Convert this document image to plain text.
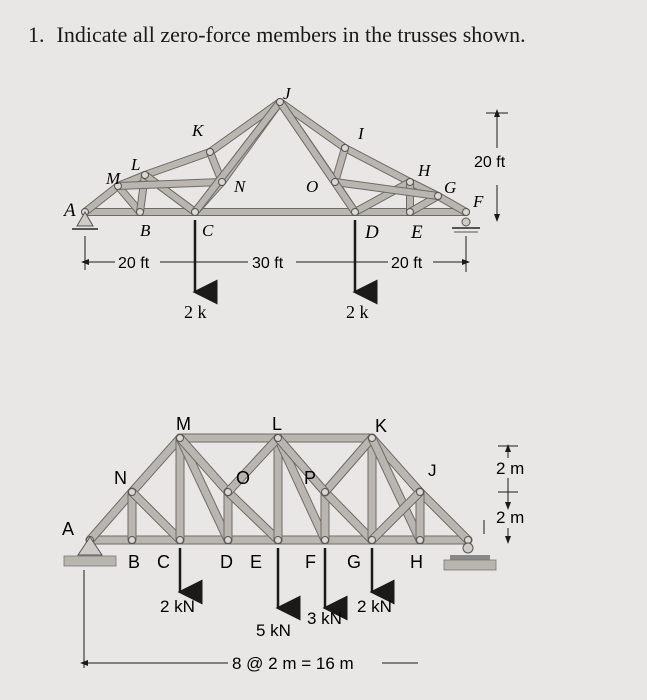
1. Indicate all zero-force members in the trusses shown.
2 k	2 k
20 ft	30 ft	20 ft
20 ft
A
B	C	D E
F
G
H
I
J
K
L
M	N	O
2 kN
5 kN
3 kN
2 kN
8 @ 2 m = 16 m
2 m
2 m
A
B C	D E F G	H
J
K
L
M
N	O	P
